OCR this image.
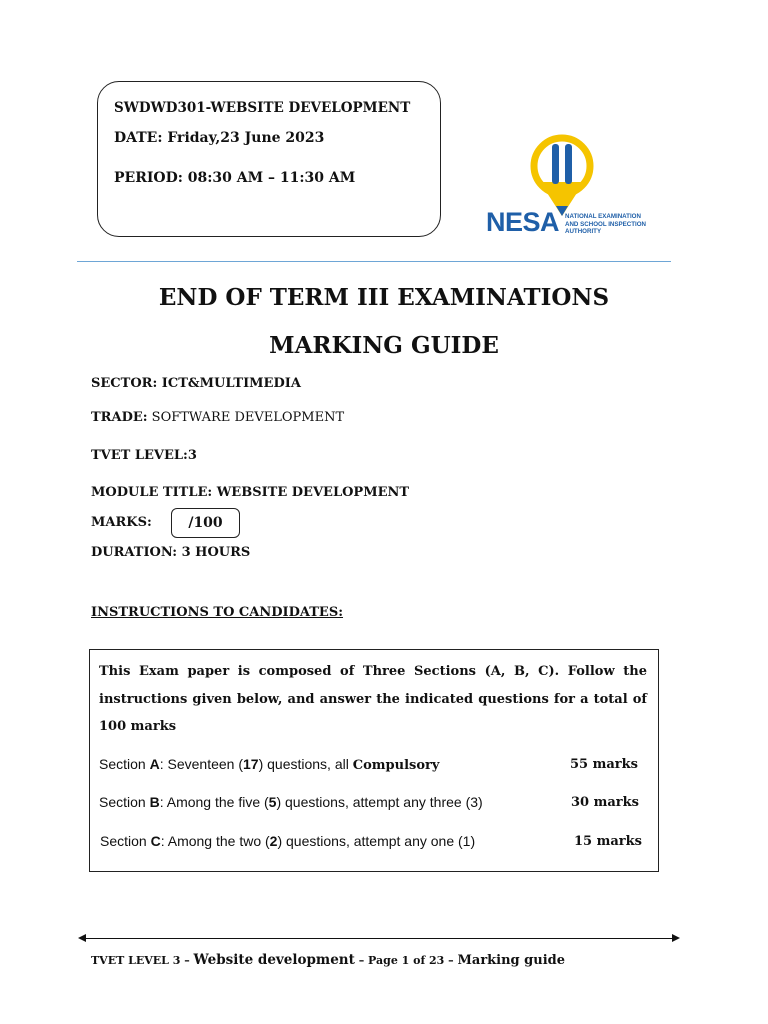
SWDWD301-WEBSITE DEVELOPMENT
DATE: Friday,23 June 2023
PERIOD: 08:30 AM – 11:30 AM
NESA NATIONAL EXAMINATION
AND SCHOOL INSPECTION
AUTHORITY
END OF TERM III EXAMINATIONS
MARKING GUIDE
SECTOR: ICT&MULTIMEDIA
TRADE: SOFTWARE DEVELOPMENT
TVET LEVEL:3
MODULE TITLE: WEBSITE DEVELOPMENT
MARKS:	/100
DURATION: 3 HOURS
INSTRUCTIONS TO CANDIDATES:
This Exam paper is composed of Three Sections (A, B, C). Follow the instructions given below, and answer the indicated questions for a total of 100 marks
Section A: Seventeen (17) questions, all Compulsory	55 marks
Section B: Among the five (5) questions, attempt any three (3)	30 marks
Section C: Among the two (2) questions, attempt any one (1)	15 marks
TVET LEVEL 3 – Website development – Page 1 of 23 – Marking guide
